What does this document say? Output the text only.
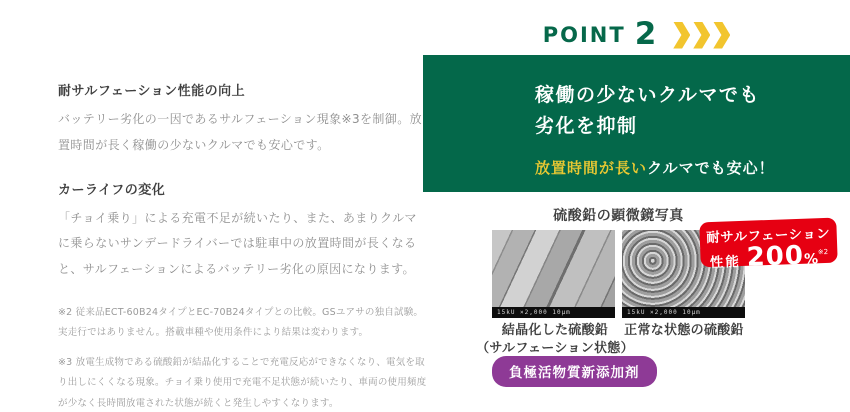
耐サルフェーション性能の向上
バッテリー劣化の一因であるサルフェーション現象※3を制御。放置時間が長く稼働の少ないクルマでも安心です。
カーライフの変化
「チョイ乗り」による充電不足が続いたり、また、あまりクルマに乗らないサンデードライバーでは駐車中の放置時間が長くなると、サルフェーションによるバッテリー劣化の原因になります。
※2 従来品ECT-60B24タイプとEC-70B24タイプとの比較。GSユアサの独自試験。実走行ではありません。搭載車種や使用条件により結果は変わります。
※3 放電生成物である硫酸鉛が結晶化することで充電反応ができなくなり、電気を取り出しにくくなる現象。チョイ乗り使用で充電不足状態が続いたり、車両の使用頻度が少なく長時間放電された状態が続くと発生しやすくなります。
POINT 2
稼働の少ないクルマでも
劣化を抑制
放置時間が長いクルマでも安心！
硫酸鉛の顕微鏡写真
15kU ×2,000 10μm	15kU ×2,000 10μm
耐サルフェーション
性能 200 % ※2
結晶化した硫酸鉛
（サルフェーション状態）
正常な状態の硫酸鉛
負極活物質新添加剤
